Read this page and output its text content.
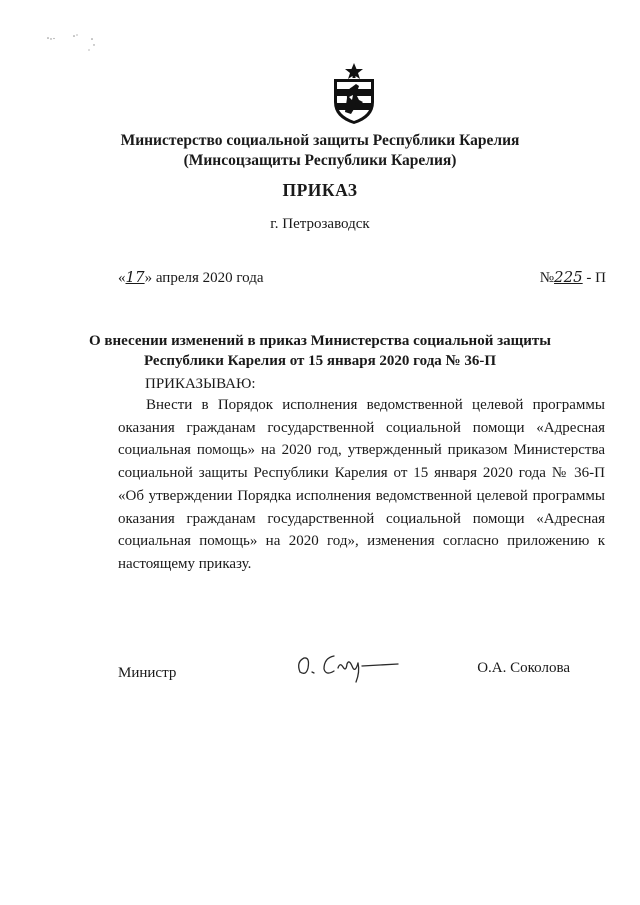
Министерство социальной защиты Республики Карелия
(Минсоцзащиты Республики Карелия)
ПРИКАЗ
г. Петрозаводск
«17» апреля 2020 года	№225 - П
О внесении изменений в приказ Министерства социальной защиты
Республики Карелия от 15 января 2020 года № 36-П
ПРИКАЗЫВАЮ:
Внести в Порядок исполнения ведомственной целевой программы оказания гражданам государственной социальной помощи «Адресная социальная помощь» на 2020 год, утвержденный приказом Министерства социальной защиты Республики Карелия от 15 января 2020 года № 36-П «Об утверждении Порядка исполнения ведомственной целевой программы оказания гражданам государственной социальной помощи «Адресная социальная помощь» на 2020 год», изменения согласно приложению к настоящему приказу.
Министр	О.А. Соколова
